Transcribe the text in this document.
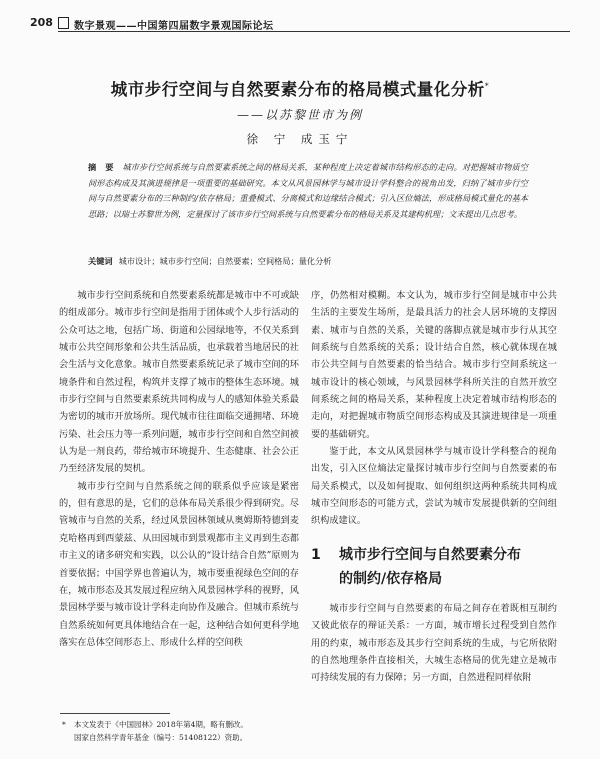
208 数字景观——中国第四届数字景观国际论坛
城市步行空间与自然要素分布的格局模式量化分析*
——以苏黎世市为例
徐 宁 成玉宁
摘 要 城市步行空间系统与自然要素系统之间的格局关系，某种程度上决定着城市结构形态的走向。对把握城市物质空间形态构成及其演进规律是一项重要的基础研究。本文从风景园林学与城市设计学科整合的视角出发，归纳了城市步行空间与自然要素分布的三种制约/依存格局；重叠模式、分离模式和边缘结合模式；引入区位熵法，形成格局模式量化的基本思路；以瑞士苏黎世为例，定量探讨了该市步行空间系统与自然要素分布的格局关系及其建构机理；文末提出几点思考。
关键词 城市设计；城市步行空间；自然要素；空间格局；量化分析

城市步行空间系统和自然要素系统都是城市中不可或缺的组成部分。城市步行空间是指用于团体或个人步行活动的公众可达之地，包括广场、街道和公园绿地等，不仅关系到城市公共空间形象和公共生活品质，也承载着当地居民的社会生活与文化意象。城市自然要素系统记录了城市空间的环境条件和自然过程，构筑并支撑了城市的整体生态环境。城市步行空间与自然要素系统共同构成与人的感知体验关系最为密切的城市开放场所。现代城市往往面临交通拥堵、环境污染、社会压力等一系列问题，城市步行空间和自然空间被认为是一剂良药，带给城市环境提升、生态健康、社会公正乃至经济发展的契机。

城市步行空间与自然系统之间的联系似乎应该是紧密的，但有意思的是，它们的总体布局关系很少得到研究。尽管城市与自然的关系，经过风景园林领域从奥姆斯特德到麦克哈格再到西蒙兹、从田园城市到景观都市主义再到生态都市主义的诸多研究和实践，以公认的“设计结合自然”原则为首要依据；中国学界也普遍认为，城市要重视绿色空间的存在，城市形态及其发展过程应纳入风景园林学科的视野，风景园林学要与城市设计学科走向协作及融合。但城市系统与自然系统如何更具体地结合在一起，这种结合如何更科学地落实在总体空间形态上、形成什么样的空间秩

序，仍然相对模糊。本文认为，城市步行空间是城市中公共生活的主要发生场所，是最具活力的社会人居环境的支撑因素、城市与自然的关系，关键的落脚点就是城市步行从其空间系统与自然系统的关系；设计结合自然，核心就体现在城市公共空间与自然要素的恰当结合。城市步行空间系统这一城市设计的核心领域，与风景园林学科所关注的自然开放空间系统之间的格局关系，某种程度上决定着城市结构形态的走向，对把握城市物质空间形态构成及其演进规律是一项重要的基础研究。

鉴于此，本文从风景园林学与城市设计学科整合的视角出发，引入区位熵法定量探讨城市步行空间与自然要素的布局关系模式，以及如何提取、如何组织这两种系统共同构成城市空间形态的可能方式，尝试为城市发展提供新的空间组织构成建议。

1 城市步行空间与自然要素分布
的制约/依存格局

城市步行空间与自然要素的布局之间存在着既相互制约又彼此依存的辩证关系：一方面，城市增长过程受到自然作用的约束，城市形态及其步行空间系统的生成，与它所依附的自然地理条件直接相关，大城生态格局的优先建立是城市可持续发展的有力保障；另一方面，自然进程同样依附

* 本文发表于《中国园林》2018年第4期，略有删改。
国家自然科学青年基金（编号：51408122）资助。
